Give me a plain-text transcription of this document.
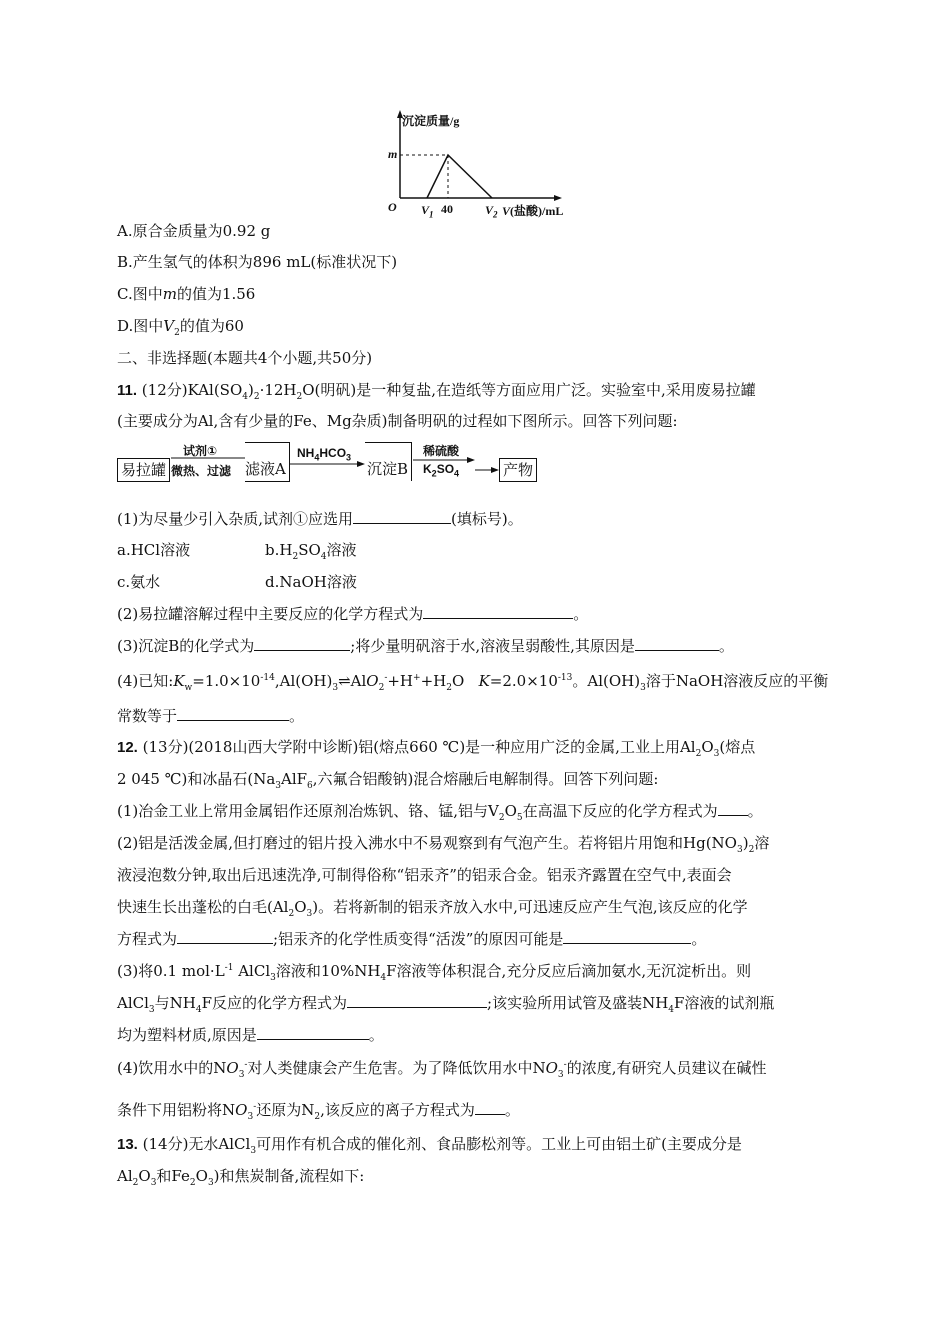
沉淀质量/g
m
O $V_1$ 40	$V_2$ V(盐酸)/mL
A.原合金质量为0.92 g
B.产生氢气的体积为896 mL(标准状况下)
C.图中m的值为1.56
D.图中$V_2$的值为60
二、非选择题(本题共4个小题,共50分)
11. (12分)$KAl(SO_4)_2\cdot 12H_2O$(明矾)是一种复盐,在造纸等方面应用广泛。实验室中,采用废易拉罐
(主要成分为Al,含有少量的Fe、Mg杂质)制备明矾的过程如下图所示。回答下列问题:
易拉罐
试剂①
微热、过滤 滤液A
$NH_4HCO_3$
沉淀B
稀硫酸
$K_2SO_4$	产物
(1)为尽量少引入杂质,试剂①应选用	(填标号)。
a.HCl溶液	$b.H_2SO_4$溶液
c.氨水	d.NaOH溶液
(2)易拉罐溶解过程中主要反应的化学方程式为	。
(3)沉淀B的化学式为	;将少量明矾溶于水,溶液呈弱酸性,其原因是	。
(4)已知$:K_w=1.0\times 10^{-14},Al(OH)_3\rightleftharpoons AlO_2^-+H^++H_2O$   $K=2.0\times 10^{-13}$。$Al(OH)_3$溶于NaOH溶液反应的平衡
常数等于	。
12. (13分)(2018山西大学附中诊断)铝(熔点660 ℃)是一种应用广泛的金属,工业上用$Al_2O_3$(熔点
2 045 ℃)和冰晶石($Na_3AlF_6$,六氟合铝酸钠)混合熔融后电解制得。回答下列问题:
(1)冶金工业上常用金属铝作还原剂冶炼钒、铬、锰,铝与$V_2O_5$在高温下反应的化学方程式为 。
(2)铝是活泼金属,但打磨过的铝片投入沸水中不易观察到有气泡产生。若将铝片用饱和$Hg(NO_3)_2$溶
液浸泡数分钟,取出后迅速洗净,可制得俗称“铝汞齐”的铝汞合金。铝汞齐露置在空气中,表面会
快速生长出蓬松的白毛$(Al_2O_3)$。若将新制的铝汞齐放入水中,可迅速反应产生气泡,该反应的化学
方程式为	;铝汞齐的化学性质变得“活泼”的原因可能是	。
(3)将0.1 $mol\cdot L^{-1}$ AlCl$_3$溶液和$10\%NH_4F$溶液等体积混合,充分反应后滴加氨水,无沉淀析出。则
AlCl$_3$与$NH_4F$反应的化学方程式为	;该实验所用试管及盛装$NH_4F$溶液的试剂瓶
均为塑料材质,原因是	。
(4)饮用水中的$NO_3^-$对人类健康会产生危害。为了降低饮用水中$NO_3^-$的浓度,有研究人员建议在碱性
条件下用铝粉将$NO_3^-$还原为$N_2$,该反应的离子方程式为 。
13. (14分)无水AlCl$_3$可用作有机合成的催化剂、食品膨松剂等。工业上可由铝土矿(主要成分是
$Al_2O_3$和$Fe_2O_3$)和焦炭制备,流程如下:
